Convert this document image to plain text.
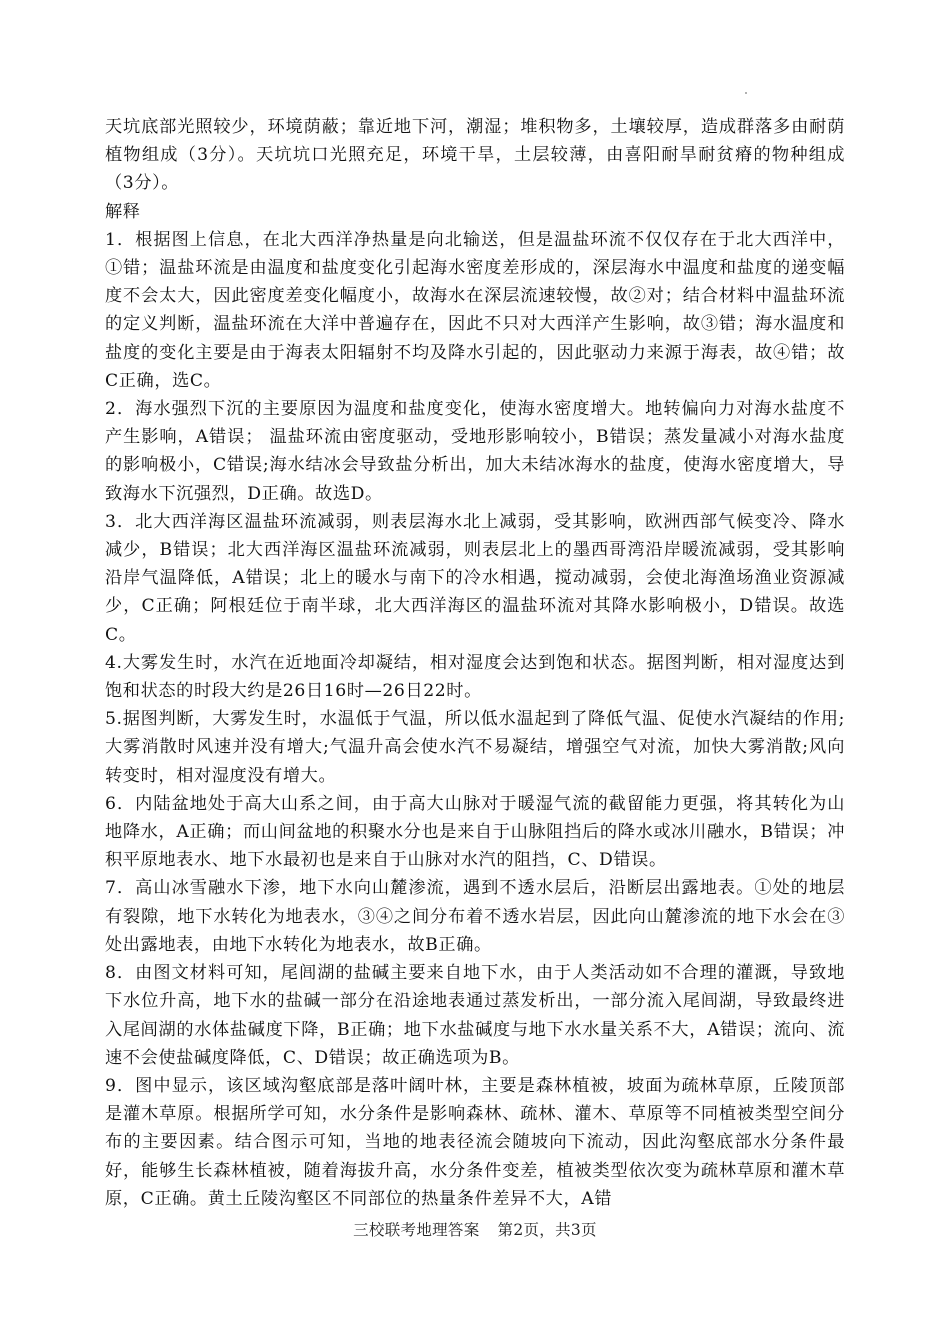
天坑底部光照较少，环境荫蔽；靠近地下河，潮湿；堆积物多，土壤较厚，造成群落多由耐荫植物组成（3分）。天坑坑口光照充足，环境干旱，土层较薄，由喜阳耐旱耐贫瘠的物种组成（3分）。

解释

1．根据图上信息，在北大西洋净热量是向北输送，但是温盐环流不仅仅存在于北大西洋中，①错；温盐环流是由温度和盐度变化引起海水密度差形成的，深层海水中温度和盐度的递变幅度不会太大，因此密度差变化幅度小，故海水在深层流速较慢，故②对；结合材料中温盐环流的定义判断，温盐环流在大洋中普遍存在，因此不只对大西洋产生影响，故③错；海水温度和盐度的变化主要是由于海表太阳辐射不均及降水引起的，因此驱动力来源于海表，故④错；故C正确，选C。

2．海水强烈下沉的主要原因为温度和盐度变化，使海水密度增大。地转偏向力对海水盐度不产生影响，A错误； 温盐环流由密度驱动，受地形影响较小，B错误；蒸发量减小对海水盐度的影响极小，C错误;海水结冰会导致盐分析出，加大未结冰海水的盐度，使海水密度增大，导致海水下沉强烈，D正确。故选D。

3．北大西洋海区温盐环流减弱，则表层海水北上减弱，受其影响，欧洲西部气候变冷、降水减少，B错误；北大西洋海区温盐环流减弱，则表层北上的墨西哥湾沿岸暖流减弱，受其影响沿岸气温降低，A错误；北上的暖水与南下的冷水相遇，搅动减弱，会使北海渔场渔业资源减少，C正确；阿根廷位于南半球，北大西洋海区的温盐环流对其降水影响极小，D错误。故选C。

4.大雾发生时，水汽在近地面冷却凝结，相对湿度会达到饱和状态。据图判断，相对湿度达到饱和状态的时段大约是26日16时—26日22时。

5.据图判断，大雾发生时，水温低于气温，所以低水温起到了降低气温、促使水汽凝结的作用;大雾消散时风速并没有增大;气温升高会使水汽不易凝结，增强空气对流，加快大雾消散;风向转变时，相对湿度没有增大。

6．内陆盆地处于高大山系之间，由于高大山脉对于暖湿气流的截留能力更强，将其转化为山地降水，A正确；而山间盆地的积聚水分也是来自于山脉阻挡后的降水或冰川融水，B错误；冲积平原地表水、地下水最初也是来自于山脉对水汽的阻挡，C、D错误。

7．高山冰雪融水下渗，地下水向山麓渗流，遇到不透水层后，沿断层出露地表。①处的地层有裂隙，地下水转化为地表水，③④之间分布着不透水岩层，因此向山麓渗流的地下水会在③处出露地表，由地下水转化为地表水，故B正确。

8．由图文材料可知，尾闾湖的盐碱主要来自地下水，由于人类活动如不合理的灌溉，导致地下水位升高，地下水的盐碱一部分在沿途地表通过蒸发析出，一部分流入尾闾湖，导致最终进入尾闾湖的水体盐碱度下降，B正确；地下水盐碱度与地下水水量关系不大，A错误；流向、流速不会使盐碱度降低，C、D错误；故正确选项为B。

9．图中显示，该区域沟壑底部是落叶阔叶林，主要是森林植被，坡面为疏林草原，丘陵顶部是灌木草原。根据所学可知，水分条件是影响森林、疏林、灌木、草原等不同植被类型空间分布的主要因素。结合图示可知，当地的地表径流会随坡向下流动，因此沟壑底部水分条件最好，能够生长森林植被，随着海拔升高，水分条件变差，植被类型依次变为疏林草原和灌木草原，C正确。黄土丘陵沟壑区不同部位的热量条件差异不大，A错

三校联考地理答案 第2页，共3页
